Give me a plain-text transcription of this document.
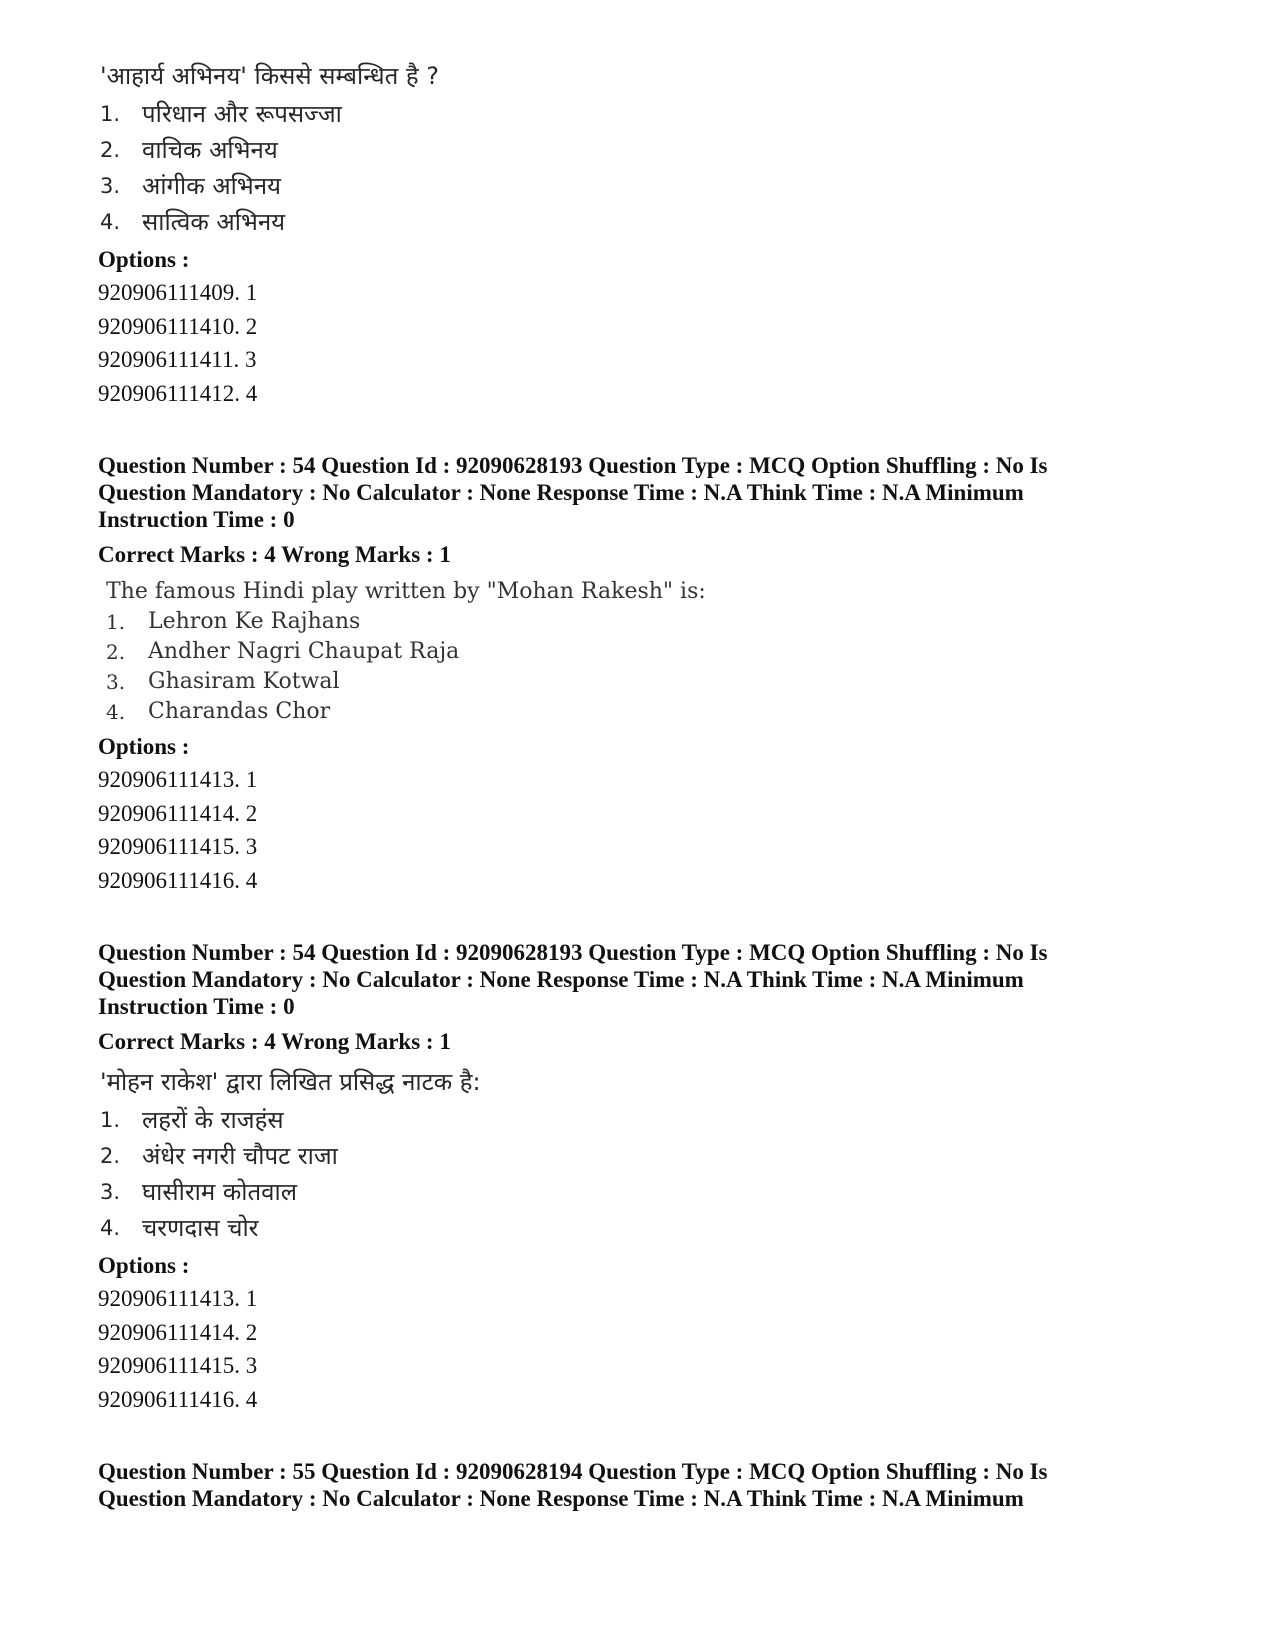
'आहार्य अभिनय' किससे सम्बन्धित है ?
1. परिधान और रूपसज्जा
2. वाचिक अभिनय
3. आंगीक अभिनय
4. सात्विक अभिनय
Options :
920906111409. 1
920906111410. 2
920906111411. 3
920906111412. 4
Question Number : 54 Question Id : 92090628193 Question Type : MCQ Option Shuffling : No Is
Question Mandatory : No Calculator : None Response Time : N.A Think Time : N.A Minimum
Instruction Time : 0
Correct Marks : 4 Wrong Marks : 1
The famous Hindi play written by "Mohan Rakesh" is:
1.	Lehron Ke Rajhans
2.	Andher Nagri Chaupat Raja
3.	Ghasiram Kotwal
4.	Charandas Chor
Options :
920906111413. 1
920906111414. 2
920906111415. 3
920906111416. 4
Question Number : 54 Question Id : 92090628193 Question Type : MCQ Option Shuffling : No Is
Question Mandatory : No Calculator : None Response Time : N.A Think Time : N.A Minimum
Instruction Time : 0
Correct Marks : 4 Wrong Marks : 1
'मोहन राकेश' द्वारा लिखित प्रसिद्ध नाटक है:
1. लहरों के राजहंस
2. अंधेर नगरी चौपट राजा
3. घासीराम कोतवाल
4. चरणदास चोर
Options :
920906111413. 1
920906111414. 2
920906111415. 3
920906111416. 4
Question Number : 55 Question Id : 92090628194 Question Type : MCQ Option Shuffling : No Is
Question Mandatory : No Calculator : None Response Time : N.A Think Time : N.A Minimum
